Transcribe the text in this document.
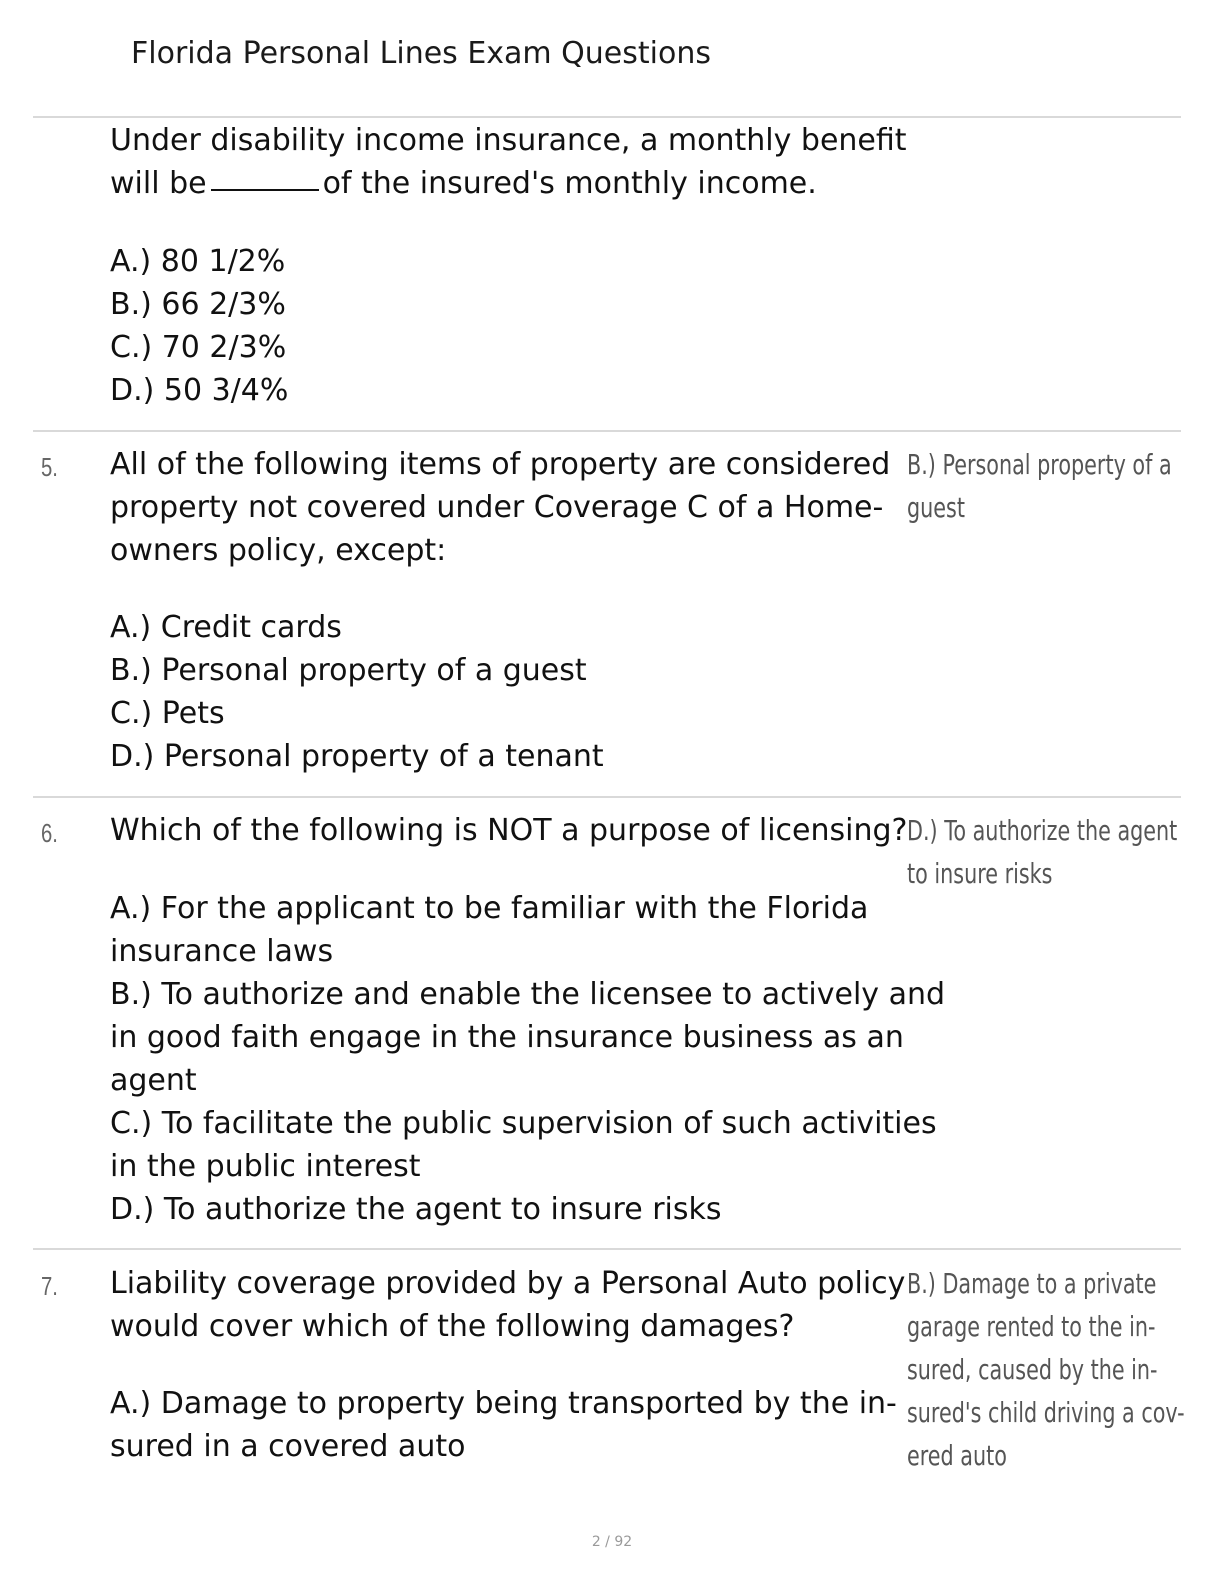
Florida Personal Lines Exam Questions
Under disability income insurance, a monthly benefit
will be	of the insured's monthly income.
A.) 80 1/2%
B.) 66 2/3%
C.) 70 2/3%
D.) 50 3/4%
5. All of the following items of property are considered
property not covered under Coverage C of a Home-
owners policy, except:
B.) Personal property of a
guest
A.) Credit cards
B.) Personal property of a guest
C.) Pets
D.) Personal property of a tenant
6. Which of the following is NOT a purpose of licensing? D.) To authorize the agent
to insure risks
A.) For the applicant to be familiar with the Florida
insurance laws
B.) To authorize and enable the licensee to actively and
in good faith engage in the insurance business as an
agent
C.) To facilitate the public supervision of such activities
in the public interest
D.) To authorize the agent to insure risks
7. Liability coverage provided by a Personal Auto policy
would cover which of the following damages?
B.) Damage to a private
garage rented to the in-
sured, caused by the in-
sured's child driving a cov-
ered auto
A.) Damage to property being transported by the in-
sured in a covered auto
2 / 92
